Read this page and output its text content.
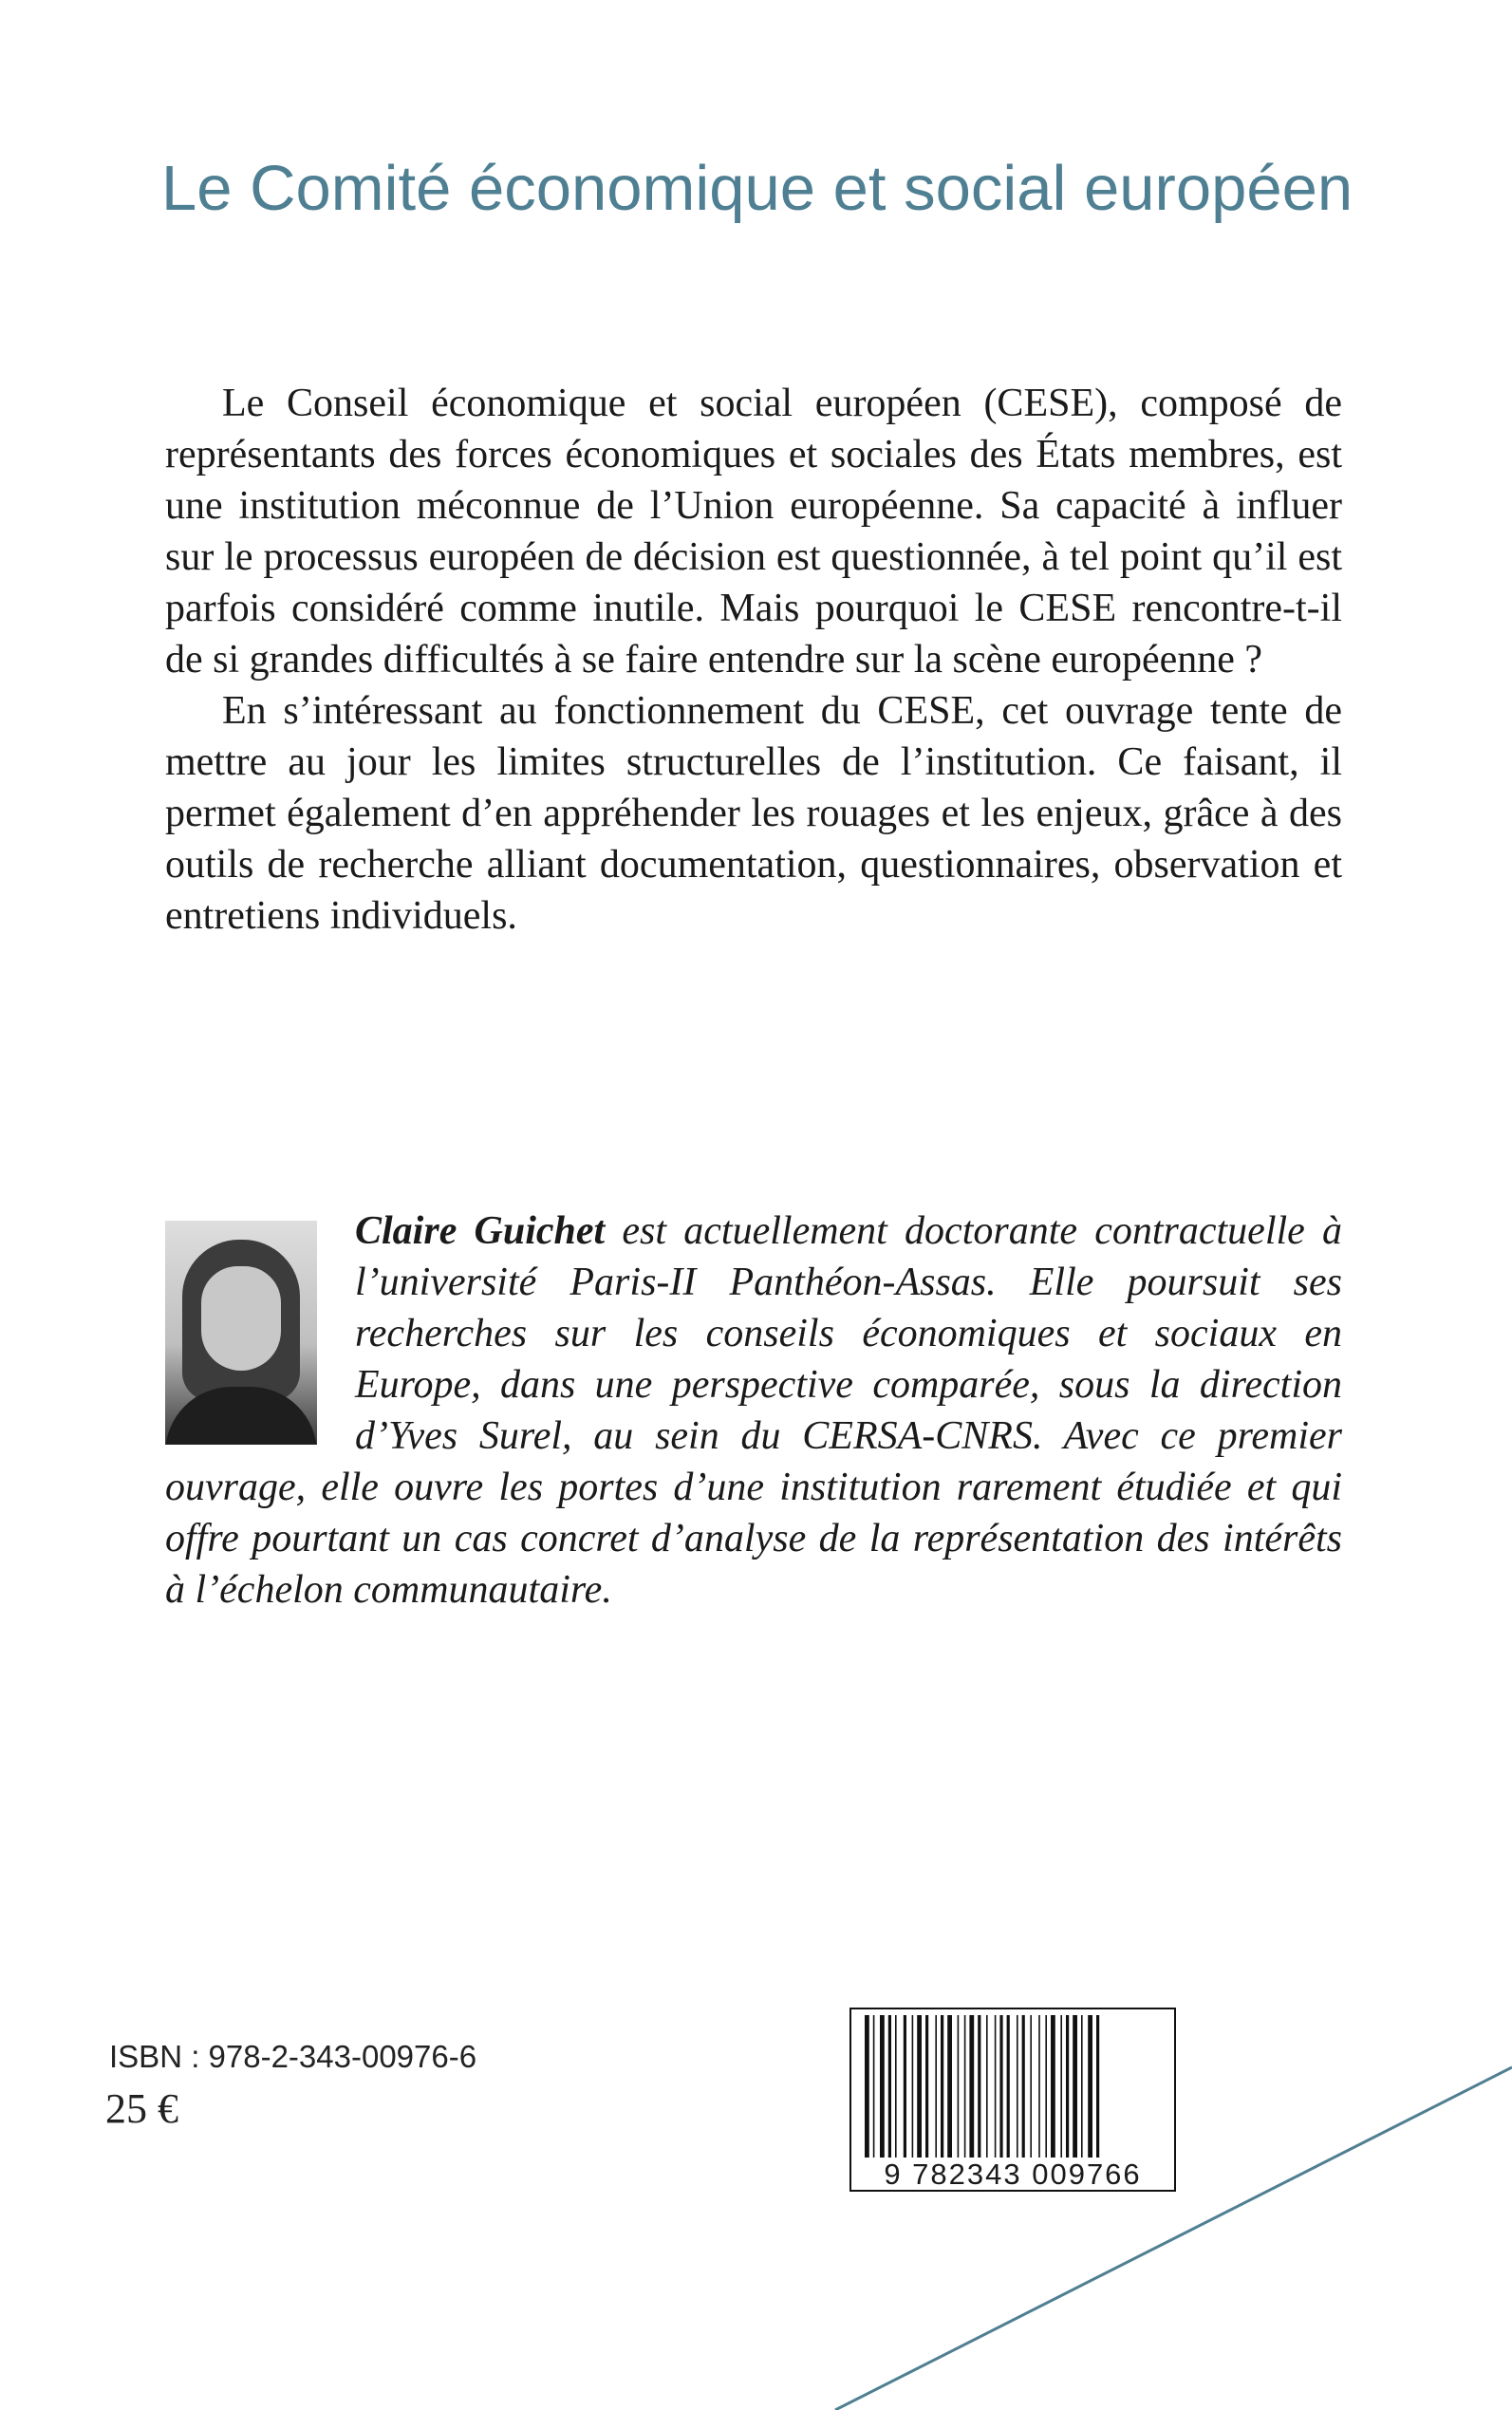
Le Comité économique et social européen

Le Conseil économique et social européen (CESE), composé de représentants des forces économiques et sociales des États membres, est une institution méconnue de l’Union européenne. Sa capacité à influer sur le processus européen de décision est questionnée, à tel point qu’il est parfois considéré comme inutile. Mais pourquoi le CESE rencontre-t-il de si grandes difficultés à se faire entendre sur la scène européenne ?

En s’intéressant au fonctionnement du CESE, cet ouvrage tente de mettre au jour les limites structurelles de l’institution. Ce faisant, il permet également d’en appréhender les rouages et les enjeux, grâce à des outils de recherche alliant documentation, questionnaires, observation et entretiens individuels.

Claire Guichet est actuellement doctorante contractuelle à l’université Paris-II Panthéon-Assas. Elle poursuit ses recherches sur les conseils économiques et sociaux en Europe, dans une perspective comparée, sous la direction d’Yves Surel, au sein du CERSA-CNRS. Avec ce premier ouvrage, elle ouvre les portes d’une institution rarement étudiée et qui offre pourtant un cas concret d’analyse de la représentation des intérêts à l’échelon communautaire.
ISBN : 978-2-343-00976-6
25 €
9 782343 009766
